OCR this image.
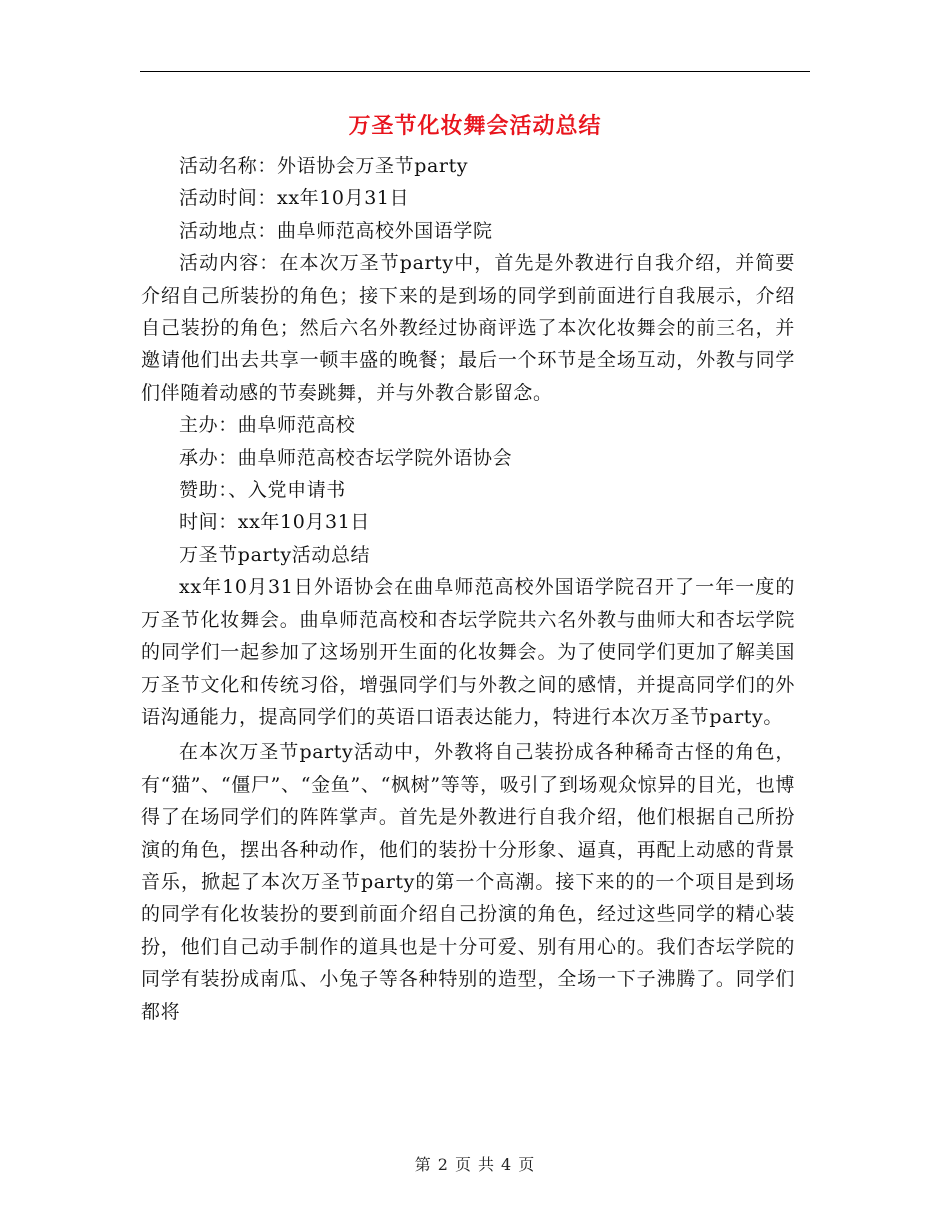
万圣节化妆舞会活动总结

活动名称：外语协会万圣节party

活动时间：xx年10月31日

活动地点：曲阜师范高校外国语学院

活动内容：在本次万圣节party中，首先是外教进行自我介绍，并简要介绍自己所装扮的角色；接下来的是到场的同学到前面进行自我展示，介绍自己装扮的角色；然后六名外教经过协商评选了本次化妆舞会的前三名，并邀请他们出去共享一顿丰盛的晚餐；最后一个环节是全场互动，外教与同学们伴随着动感的节奏跳舞，并与外教合影留念。

主办：曲阜师范高校

承办：曲阜师范高校杏坛学院外语协会

赞助：、入党申请书

时间：xx年10月31日

万圣节party活动总结

xx年10月31日外语协会在曲阜师范高校外国语学院召开了一年一度的万圣节化妆舞会。曲阜师范高校和杏坛学院共六名外教与曲师大和杏坛学院的同学们一起参加了这场别开生面的化妆舞会。为了使同学们更加了解美国万圣节文化和传统习俗，增强同学们与外教之间的感情，并提高同学们的外语沟通能力，提高同学们的英语口语表达能力，特进行本次万圣节party。

在本次万圣节party活动中，外教将自己装扮成各种稀奇古怪的角色，有“猫”、“僵尸”、“金鱼”、“枫树”等等，吸引了到场观众惊异的目光，也博得了在场同学们的阵阵掌声。首先是外教进行自我介绍，他们根据自己所扮演的角色，摆出各种动作，他们的装扮十分形象、逼真，再配上动感的背景音乐，掀起了本次万圣节party的第一个高潮。接下来的的一个项目是到场的同学有化妆装扮的要到前面介绍自己扮演的角色，经过这些同学的精心装扮，他们自己动手制作的道具也是十分可爱、别有用心的。我们杏坛学院的同学有装扮成南瓜、小兔子等各种特别的造型，全场一下子沸腾了。同学们都将

第 2 页 共 4 页
